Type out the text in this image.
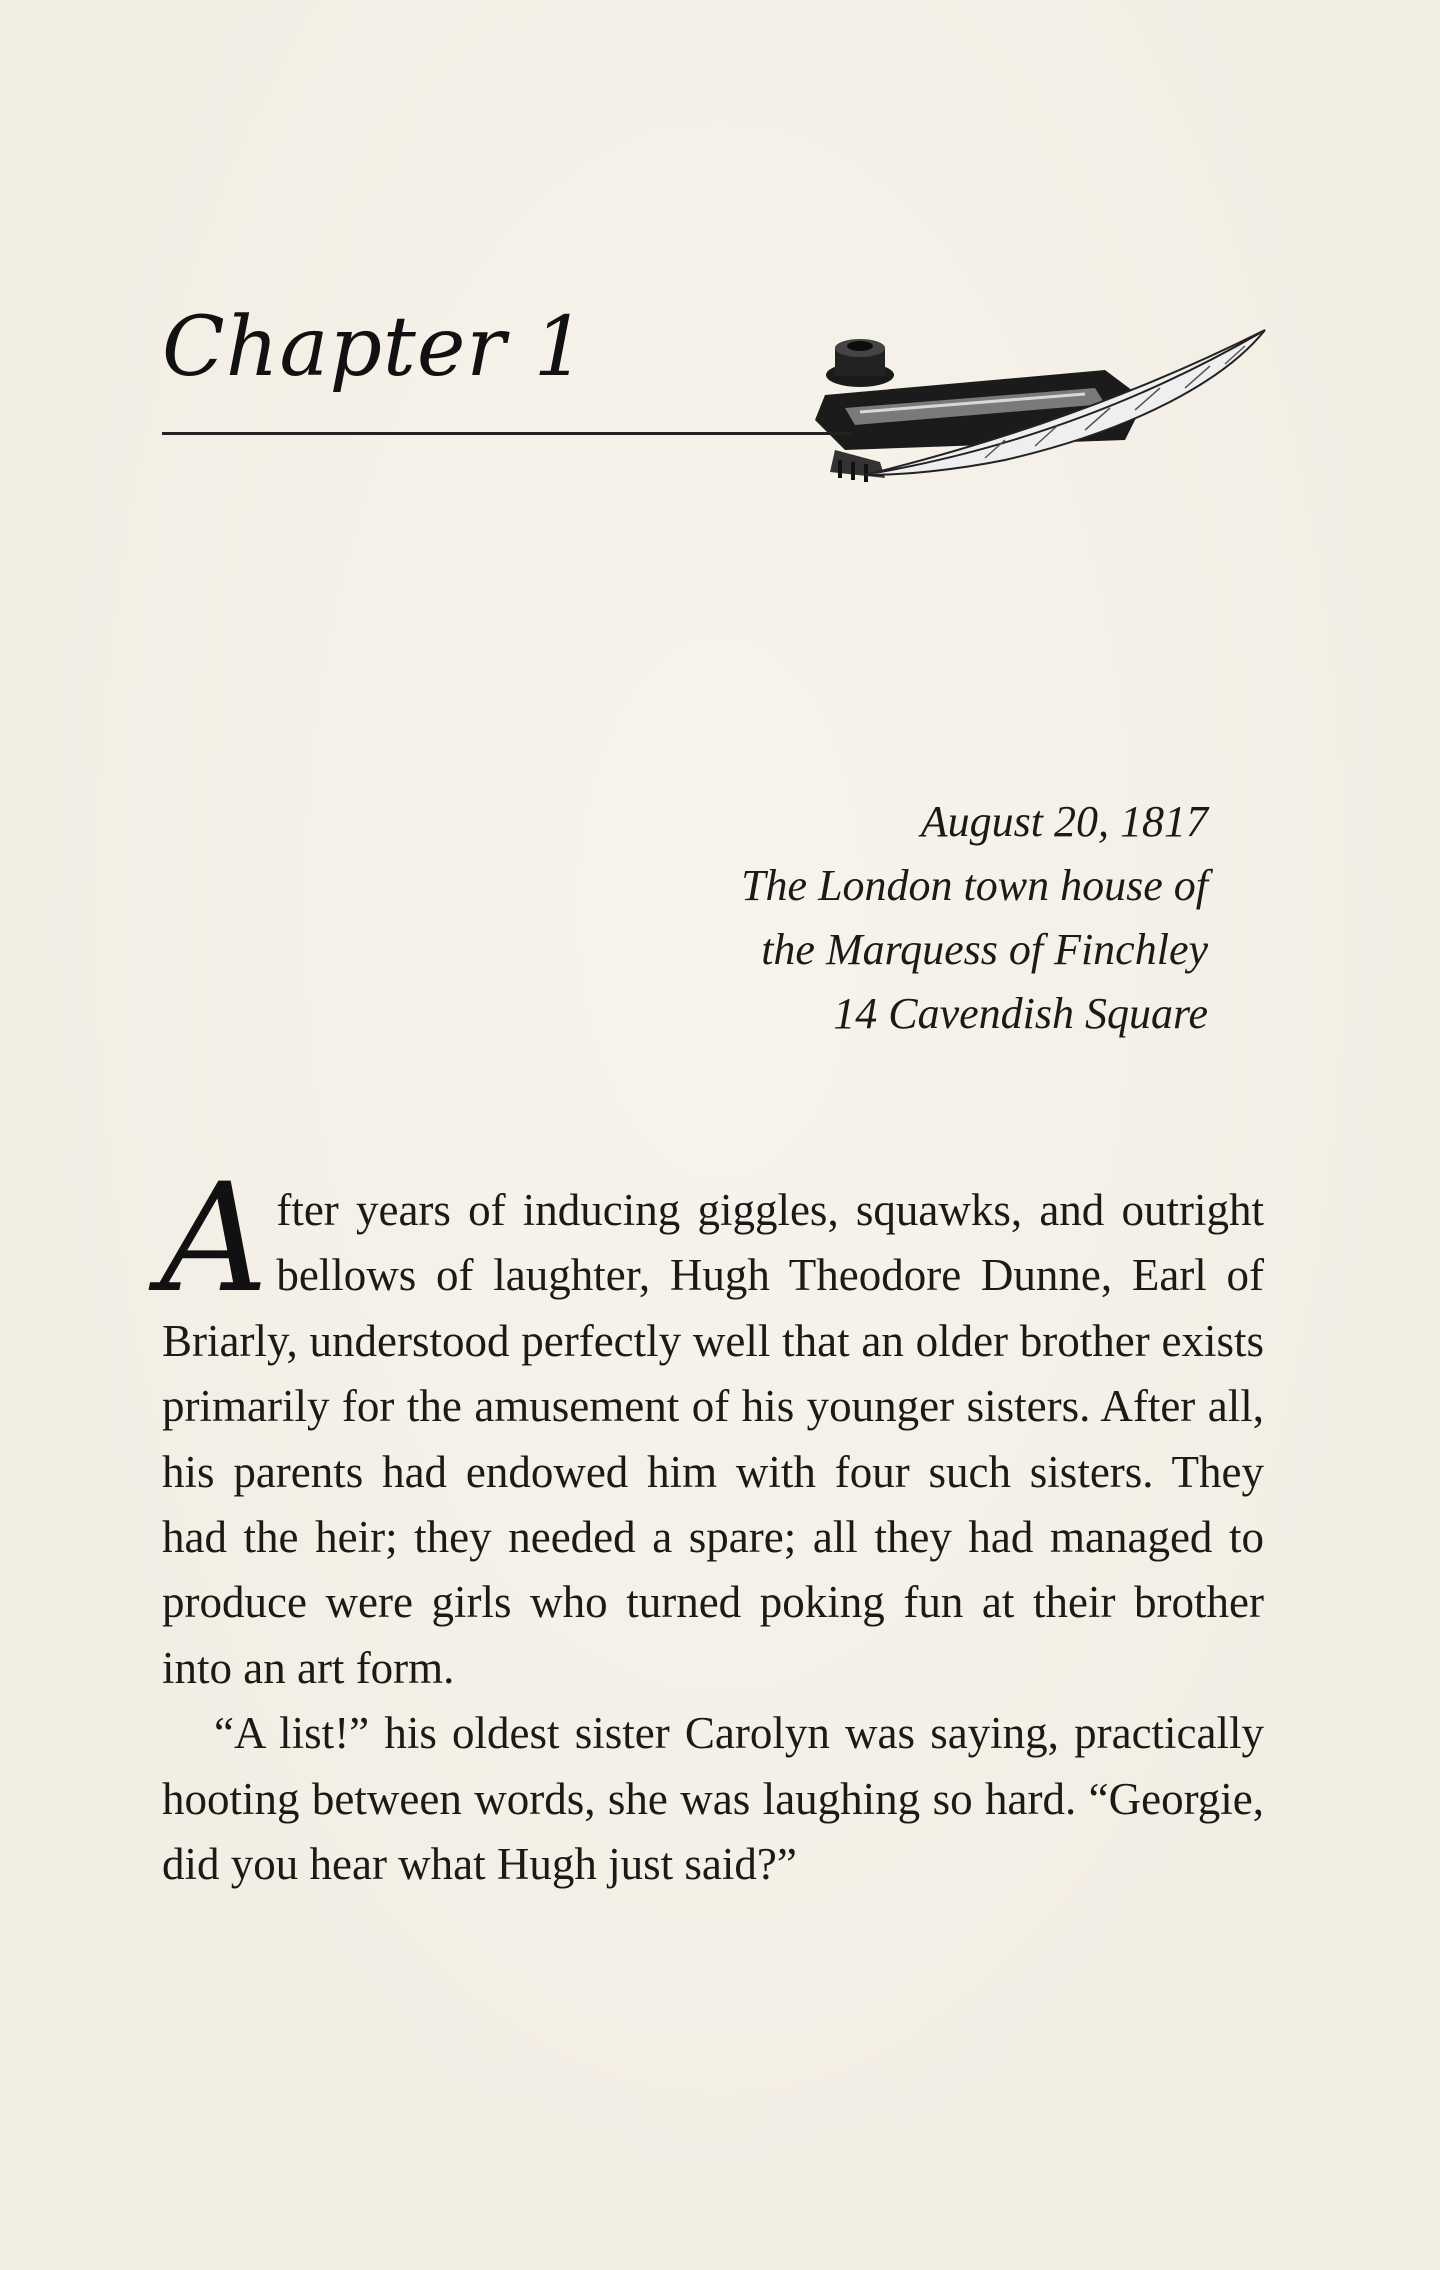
Chapter 1
August 20, 1817
The London town house of
the Marquess of Finchley
14 Cavendish Square

After years of inducing giggles, squawks, and outright bellows of laughter, Hugh Theodore Dunne, Earl of Briarly, understood perfectly well that an older brother exists primarily for the amusement of his younger sisters. After all, his parents had endowed him with four such sisters. They had the heir; they needed a spare; all they had managed to produce were girls who turned poking fun at their brother into an art form.

“A list!” his oldest sister Carolyn was saying, practically hooting between words, she was laughing so hard. “Georgie, did you hear what Hugh just said?”
